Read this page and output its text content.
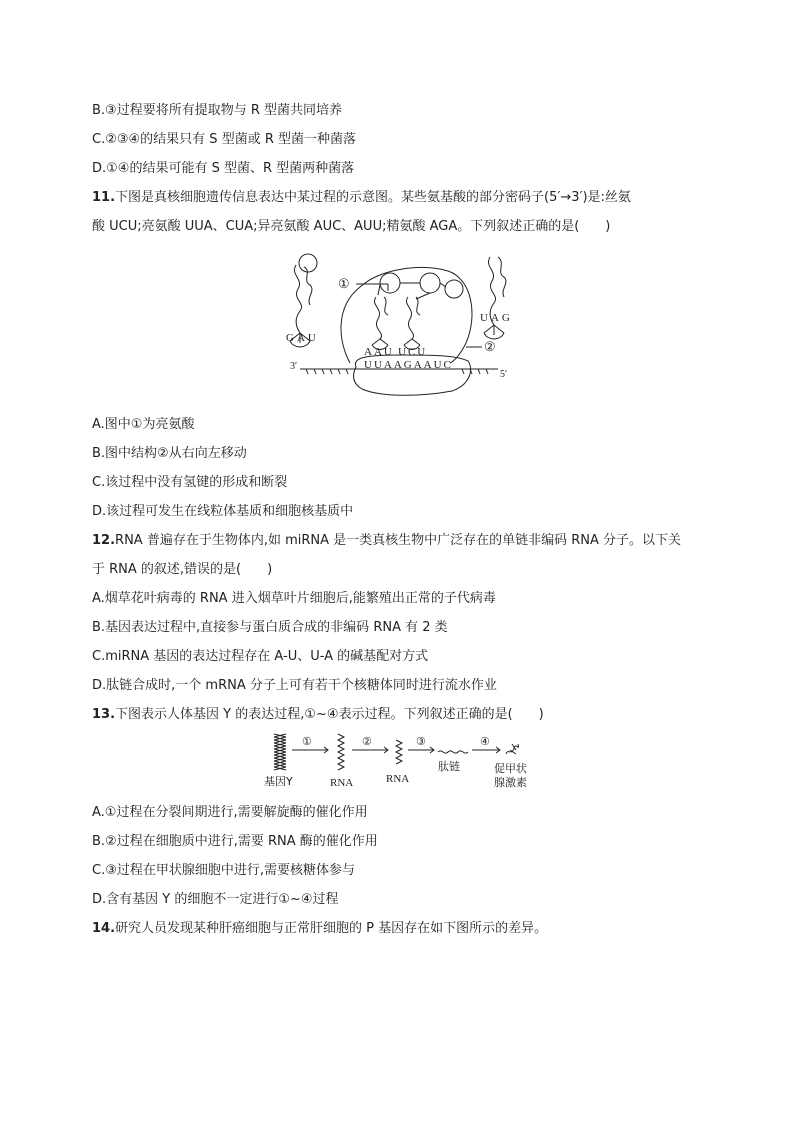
B.③过程要将所有提取物与 R 型菌共同培养
C.②③④的结果只有 S 型菌或 R 型菌一种菌落
D.①④的结果可能有 S 型菌、R 型菌两种菌落
11.下图是真核细胞遗传信息表达中某过程的示意图。某些氨基酸的部分密码子(5′→3′)是:丝氨
酸 UCU;亮氨酸 UUA、CUA;异亮氨酸 AUC、AUU;精氨酸 AGA。下列叙述正确的是(　　)
①
②
GAU
UAG
AAU UCU
UUAAGAAUC
3′
5′
A.图中①为亮氨酸
B.图中结构②从右向左移动
C.该过程中没有氢键的形成和断裂
D.该过程可发生在线粒体基质和细胞核基质中
12.RNA 普遍存在于生物体内,如 miRNA 是一类真核生物中广泛存在的单链非编码 RNA 分子。以下关
于 RNA 的叙述,错误的是(　　)
A.烟草花叶病毒的 RNA 进入烟草叶片细胞后,能繁殖出正常的子代病毒
B.基因表达过程中,直接参与蛋白质合成的非编码 RNA 有 2 类
C.miRNA 基因的表达过程存在 A-U、U-A 的碱基配对方式
D.肽链合成时,一个 mRNA 分子上可有若干个核糖体同时进行流水作业
13.下图表示人体基因 Y 的表达过程,①~④表示过程。下列叙述正确的是(　　)
①	②	③	④
基因Y	RNA	RNA
肽链	促甲状
腺激素
A.①过程在分裂间期进行,需要解旋酶的催化作用
B.②过程在细胞质中进行,需要 RNA 酶的催化作用
C.③过程在甲状腺细胞中进行,需要核糖体参与
D.含有基因 Y 的细胞不一定进行①~④过程
14.研究人员发现某种肝癌细胞与正常肝细胞的 P 基因存在如下图所示的差异。
